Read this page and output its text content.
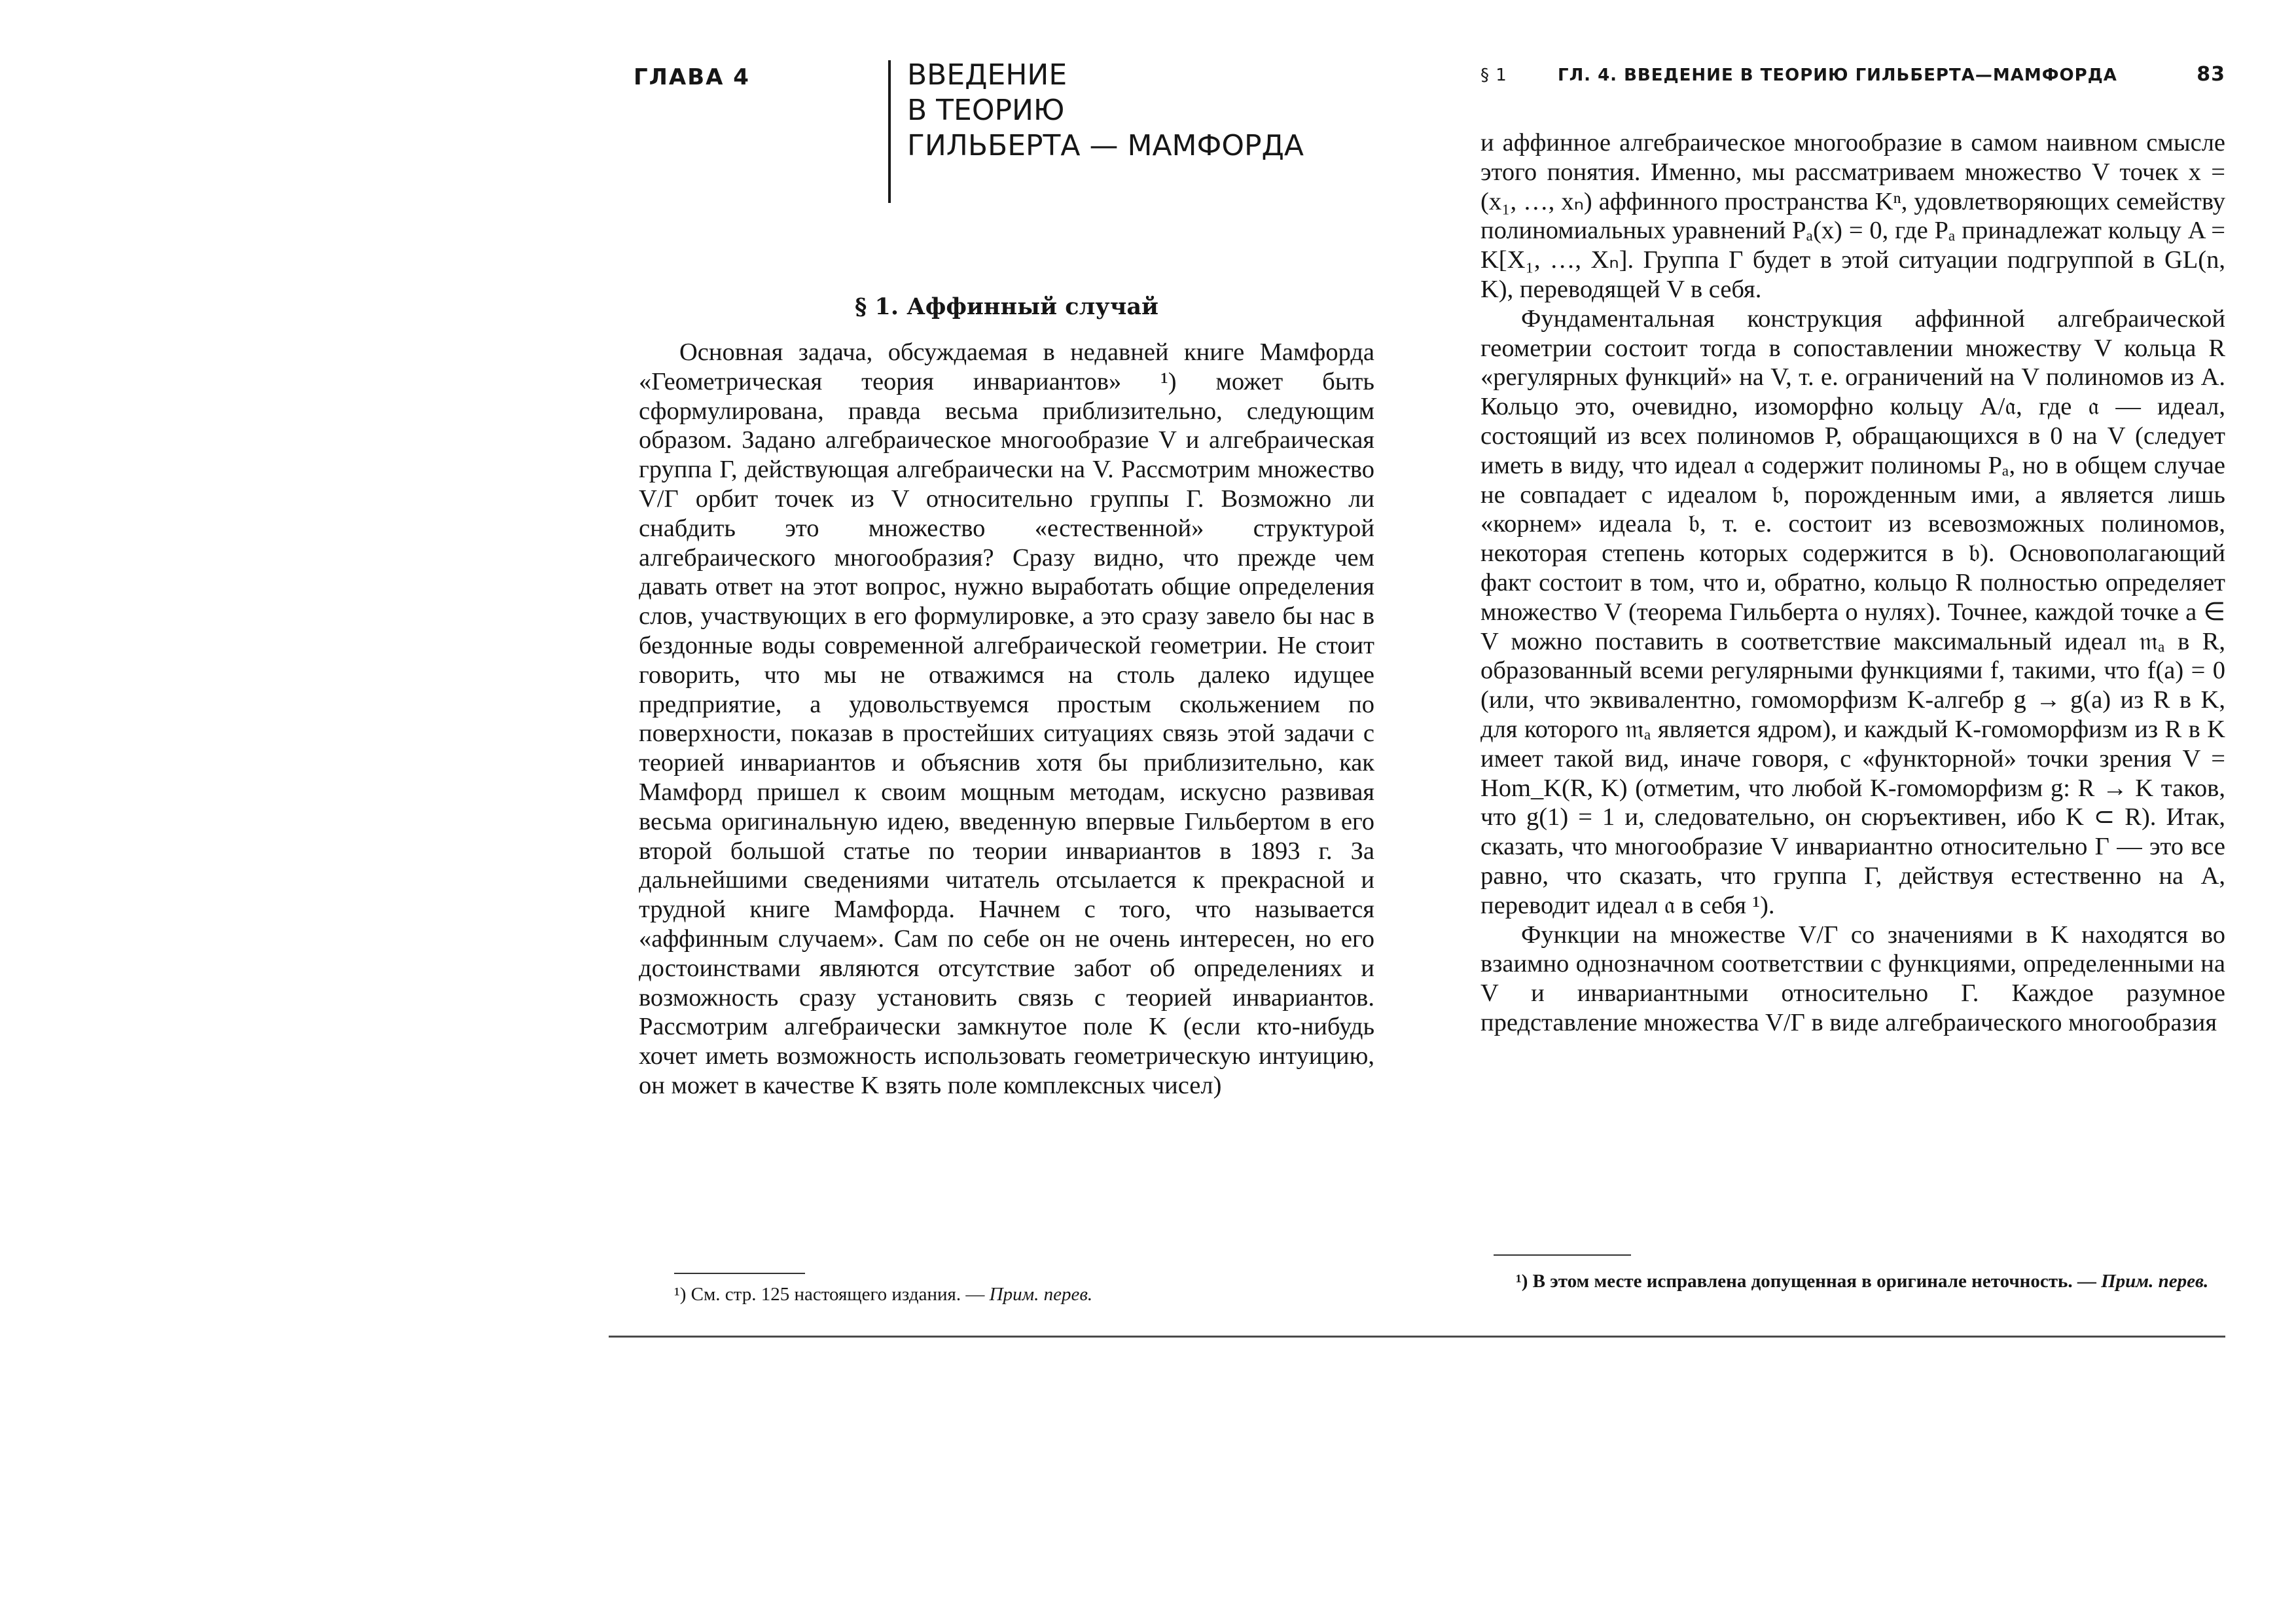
ГЛАВА 4	ВВЕДЕНИЕ
В ТЕОРИЮ
ГИЛЬБЕРТА — МАМФОРДА
§ 1. Аффинный случай

Основная задача, обсуждаемая в недавней книге Мамфорда «Геометрическая теория инвариантов» ¹) может быть сформулирована, правда весьма приблизительно, следующим образом. Задано алгебраическое многообразие V и алгебраическая группа Γ, действующая алгебраически на V. Рассмотрим множество V/Γ орбит точек из V относительно группы Γ. Возможно ли снабдить это множество «естественной» структурой алгебраического многообразия? Сразу видно, что прежде чем давать ответ на этот вопрос, нужно выработать общие определения слов, участвующих в его формулировке, а это сразу завело бы нас в бездонные воды современной алгебраической геометрии. Не стоит говорить, что мы не отважимся на столь далеко идущее предприятие, а удовольствуемся простым скольжением по поверхности, показав в простейших ситуациях связь этой задачи с теорией инвариантов и объяснив хотя бы приблизительно, как Мамфорд пришел к своим мощным методам, искусно развивая весьма оригинальную идею, введенную впервые Гильбертом в его второй большой статье по теории инвариантов в 1893 г. За дальнейшими сведениями читатель отсылается к прекрасной и трудной книге Мамфорда. Начнем с того, что называется «аффинным случаем». Сам по себе он не очень интересен, но его достоинствами являются отсутствие забот об определениях и возможность сразу установить связь с теорией инвариантов. Рассмотрим алгебраически замкнутое поле K (если кто-нибудь хочет иметь возможность использовать геометрическую интуицию, он может в качестве K взять поле комплексных чисел)

¹) См. стр. 125 настоящего издания. — Прим. перев.

§ 1	ГЛ. 4. ВВЕДЕНИЕ В ТЕОРИЮ ГИЛЬБЕРТА—МАМФОРДА	83

и аффинное алгебраическое многообразие в самом наивном смысле этого понятия. Именно, мы рассматриваем множество V точек x = (x₁, …, xₙ) аффинного пространства Kⁿ, удовлетворяющих семейству полиномиальных уравнений Pₐ(x) = 0, где Pₐ принадлежат кольцу A = K[X₁, …, Xₙ]. Группа Γ будет в этой ситуации подгруппой в GL(n, K), переводящей V в себя.

Фундаментальная конструкция аффинной алгебраической геометрии состоит тогда в сопоставлении множеству V кольца R «регулярных функций» на V, т. е. ограничений на V полиномов из A. Кольцо это, очевидно, изоморфно кольцу A/𝔞, где 𝔞 — идеал, состоящий из всех полиномов P, обращающихся в 0 на V (следует иметь в виду, что идеал 𝔞 содержит полиномы Pₐ, но в общем случае не совпадает с идеалом 𝔟, порожденным ими, а является лишь «корнем» идеала 𝔟, т. е. состоит из всевозможных полиномов, некоторая степень которых содержится в 𝔟). Основополагающий факт состоит в том, что и, обратно, кольцо R полностью определяет множество V (теорема Гильберта о нулях). Точнее, каждой точке a ∈ V можно поставить в соответствие максимальный идеал 𝔪ₐ в R, образованный всеми регулярными функциями f, такими, что f(a) = 0 (или, что эквивалентно, гомоморфизм K-алгебр g → g(a) из R в K, для которого 𝔪ₐ является ядром), и каждый K-гомоморфизм из R в K имеет такой вид, иначе говоря, с «функторной» точки зрения V = Hom_K(R, K) (отметим, что любой K-гомоморфизм g: R → K таков, что g(1) = 1 и, следовательно, он сюръективен, ибо K ⊂ R). Итак, сказать, что многообразие V инвариантно относительно Γ — это все равно, что сказать, что группа Γ, действуя естественно на A, переводит идеал 𝔞 в себя ¹).

Функции на множестве V/Γ со значениями в K находятся во взаимно однозначном соответствии с функциями, определенными на V и инвариантными относительно Γ. Каждое разумное представление множества V/Γ в виде алгебраического многообразия

¹) В этом месте исправлена допущенная в оригинале неточность. — Прим. перев.
